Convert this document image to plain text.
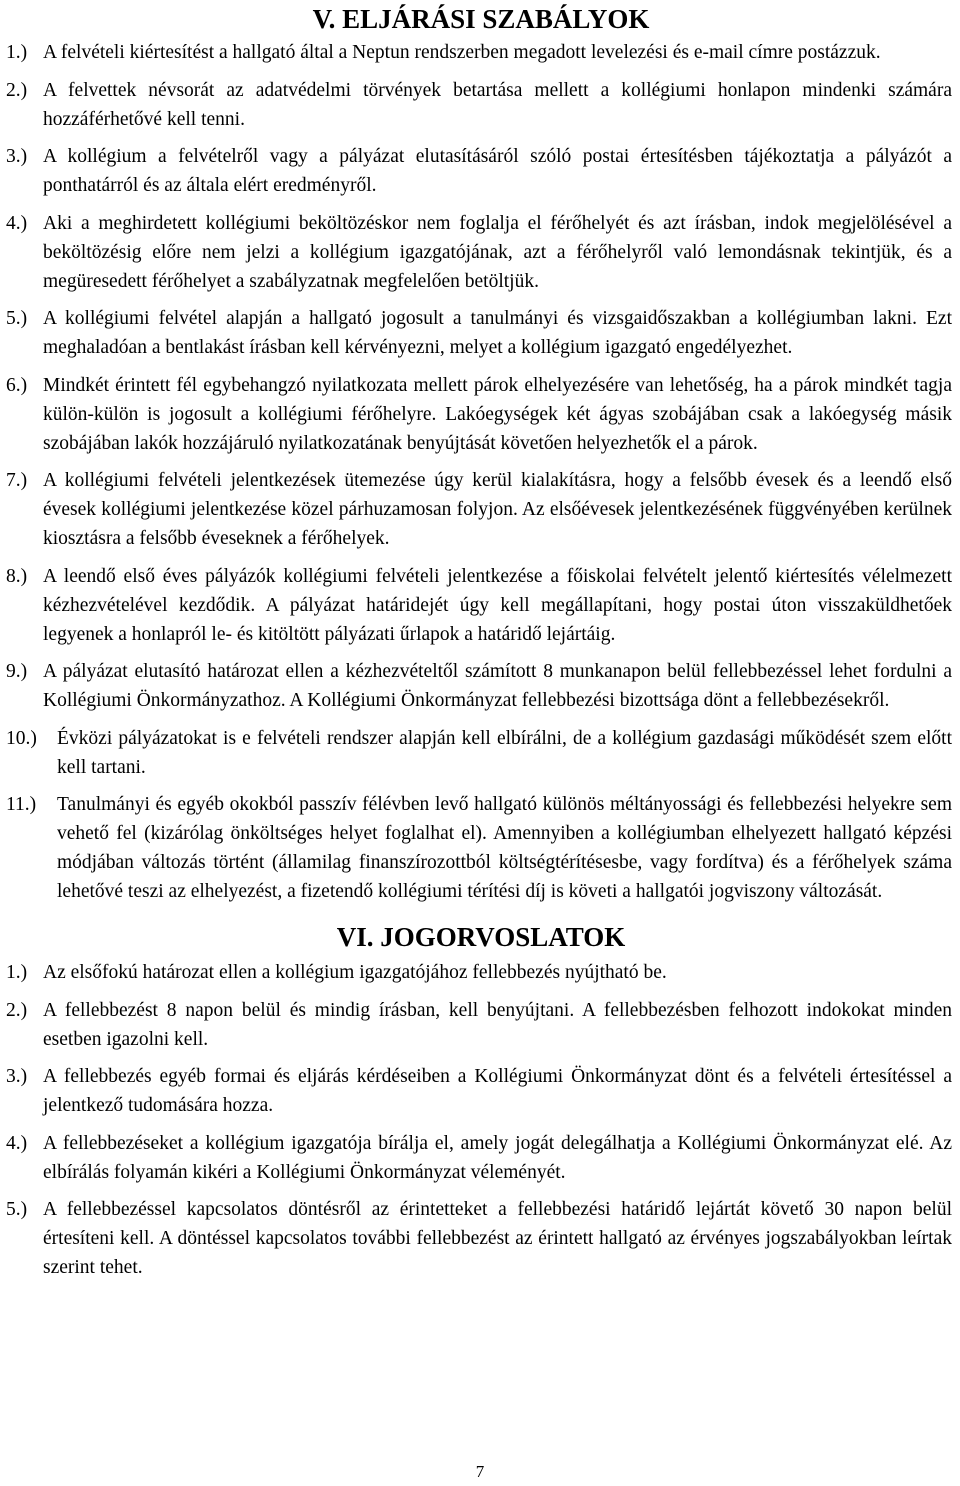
V. ELJÁRÁSI SZABÁLYOK
1.) A felvételi kiértesítést a hallgató által a Neptun rendszerben megadott levelezési és e-mail címre postázzuk.
2.) A felvettek névsorát az adatvédelmi törvények betartása mellett a kollégiumi honlapon mindenki számára hozzáférhetővé kell tenni.
3.) A kollégium a felvételről vagy a pályázat elutasításáról szóló postai értesítésben tájékoztatja a pályázót a ponthatárról és az általa elért eredményről.
4.) Aki a meghirdetett kollégiumi beköltözéskor nem foglalja el férőhelyét és azt írásban, indok megjelölésével a beköltözésig előre nem jelzi a kollégium igazgatójának, azt a férőhelyről való lemondásnak tekintjük, és a megüresedett férőhelyet a szabályzatnak megfelelően betöltjük.
5.) A kollégiumi felvétel alapján a hallgató jogosult a tanulmányi és vizsgaidőszakban a kollégiumban lakni. Ezt meghaladóan a bentlakást írásban kell kérvényezni, melyet a kollégium igazgató engedélyezhet.
6.) Mindkét érintett fél egybehangzó nyilatkozata mellett párok elhelyezésére van lehetőség, ha a párok mindkét tagja külön-külön is jogosult a kollégiumi férőhelyre. Lakóegységek két ágyas szobájában csak a lakóegység másik szobájában lakók hozzájáruló nyilatkozatának benyújtását követően helyezhetők el a párok.
7.) A kollégiumi felvételi jelentkezések ütemezése úgy kerül kialakításra, hogy a felsőbb évesek és a leendő első évesek kollégiumi jelentkezése közel párhuzamosan folyjon. Az elsőévesek jelentkezésének függvényében kerülnek kiosztásra a felsőbb éveseknek a férőhelyek.
8.) A leendő első éves pályázók kollégiumi felvételi jelentkezése a főiskolai felvételt jelentő kiértesítés vélelmezett kézhezvételével kezdődik. A pályázat határidejét úgy kell megállapítani, hogy postai úton visszaküldhetőek legyenek a honlapról le- és kitöltött pályázati űrlapok a határidő lejártáig.
9.) A pályázat elutasító határozat ellen a kézhezvételtől számított 8 munkanapon belül fellebbezéssel lehet fordulni a Kollégiumi Önkormányzathoz. A Kollégiumi Önkormányzat fellebbezési bizottsága dönt a fellebbezésekről.
10.)	Évközi pályázatokat is e felvételi rendszer alapján kell elbírálni, de a kollégium gazdasági működését szem előtt kell tartani.
11.)	Tanulmányi és egyéb okokból passzív félévben levő hallgató különös méltányossági és fellebbezési helyekre sem vehető fel (kizárólag önköltséges helyet foglalhat el). Amennyiben a kollégiumban elhelyezett hallgató képzési módjában változás történt (államilag finanszírozottból költségtérítésesbe, vagy fordítva) és a férőhelyek száma lehetővé teszi az elhelyezést, a fizetendő kollégiumi térítési díj is követi a hallgatói jogviszony változását.
VI. JOGORVOSLATOK
1.) Az elsőfokú határozat ellen a kollégium igazgatójához fellebbezés nyújtható be.
2.) A fellebbezést 8 napon belül és mindig írásban, kell benyújtani. A fellebbezésben felhozott indokokat minden esetben igazolni kell.
3.) A fellebbezés egyéb formai és eljárás kérdéseiben a Kollégiumi Önkormányzat dönt és a felvételi értesítéssel a jelentkező tudomására hozza.
4.) A fellebbezéseket a kollégium igazgatója bírálja el, amely jogát delegálhatja a Kollégiumi Önkormányzat elé. Az elbírálás folyamán kikéri a Kollégiumi Önkormányzat véleményét.
5.) A fellebbezéssel kapcsolatos döntésről az érintetteket a fellebbezési határidő lejártát követő 30 napon belül értesíteni kell. A döntéssel kapcsolatos további fellebbezést az érintett hallgató az érvényes jogszabályokban leírtak szerint tehet.
7
